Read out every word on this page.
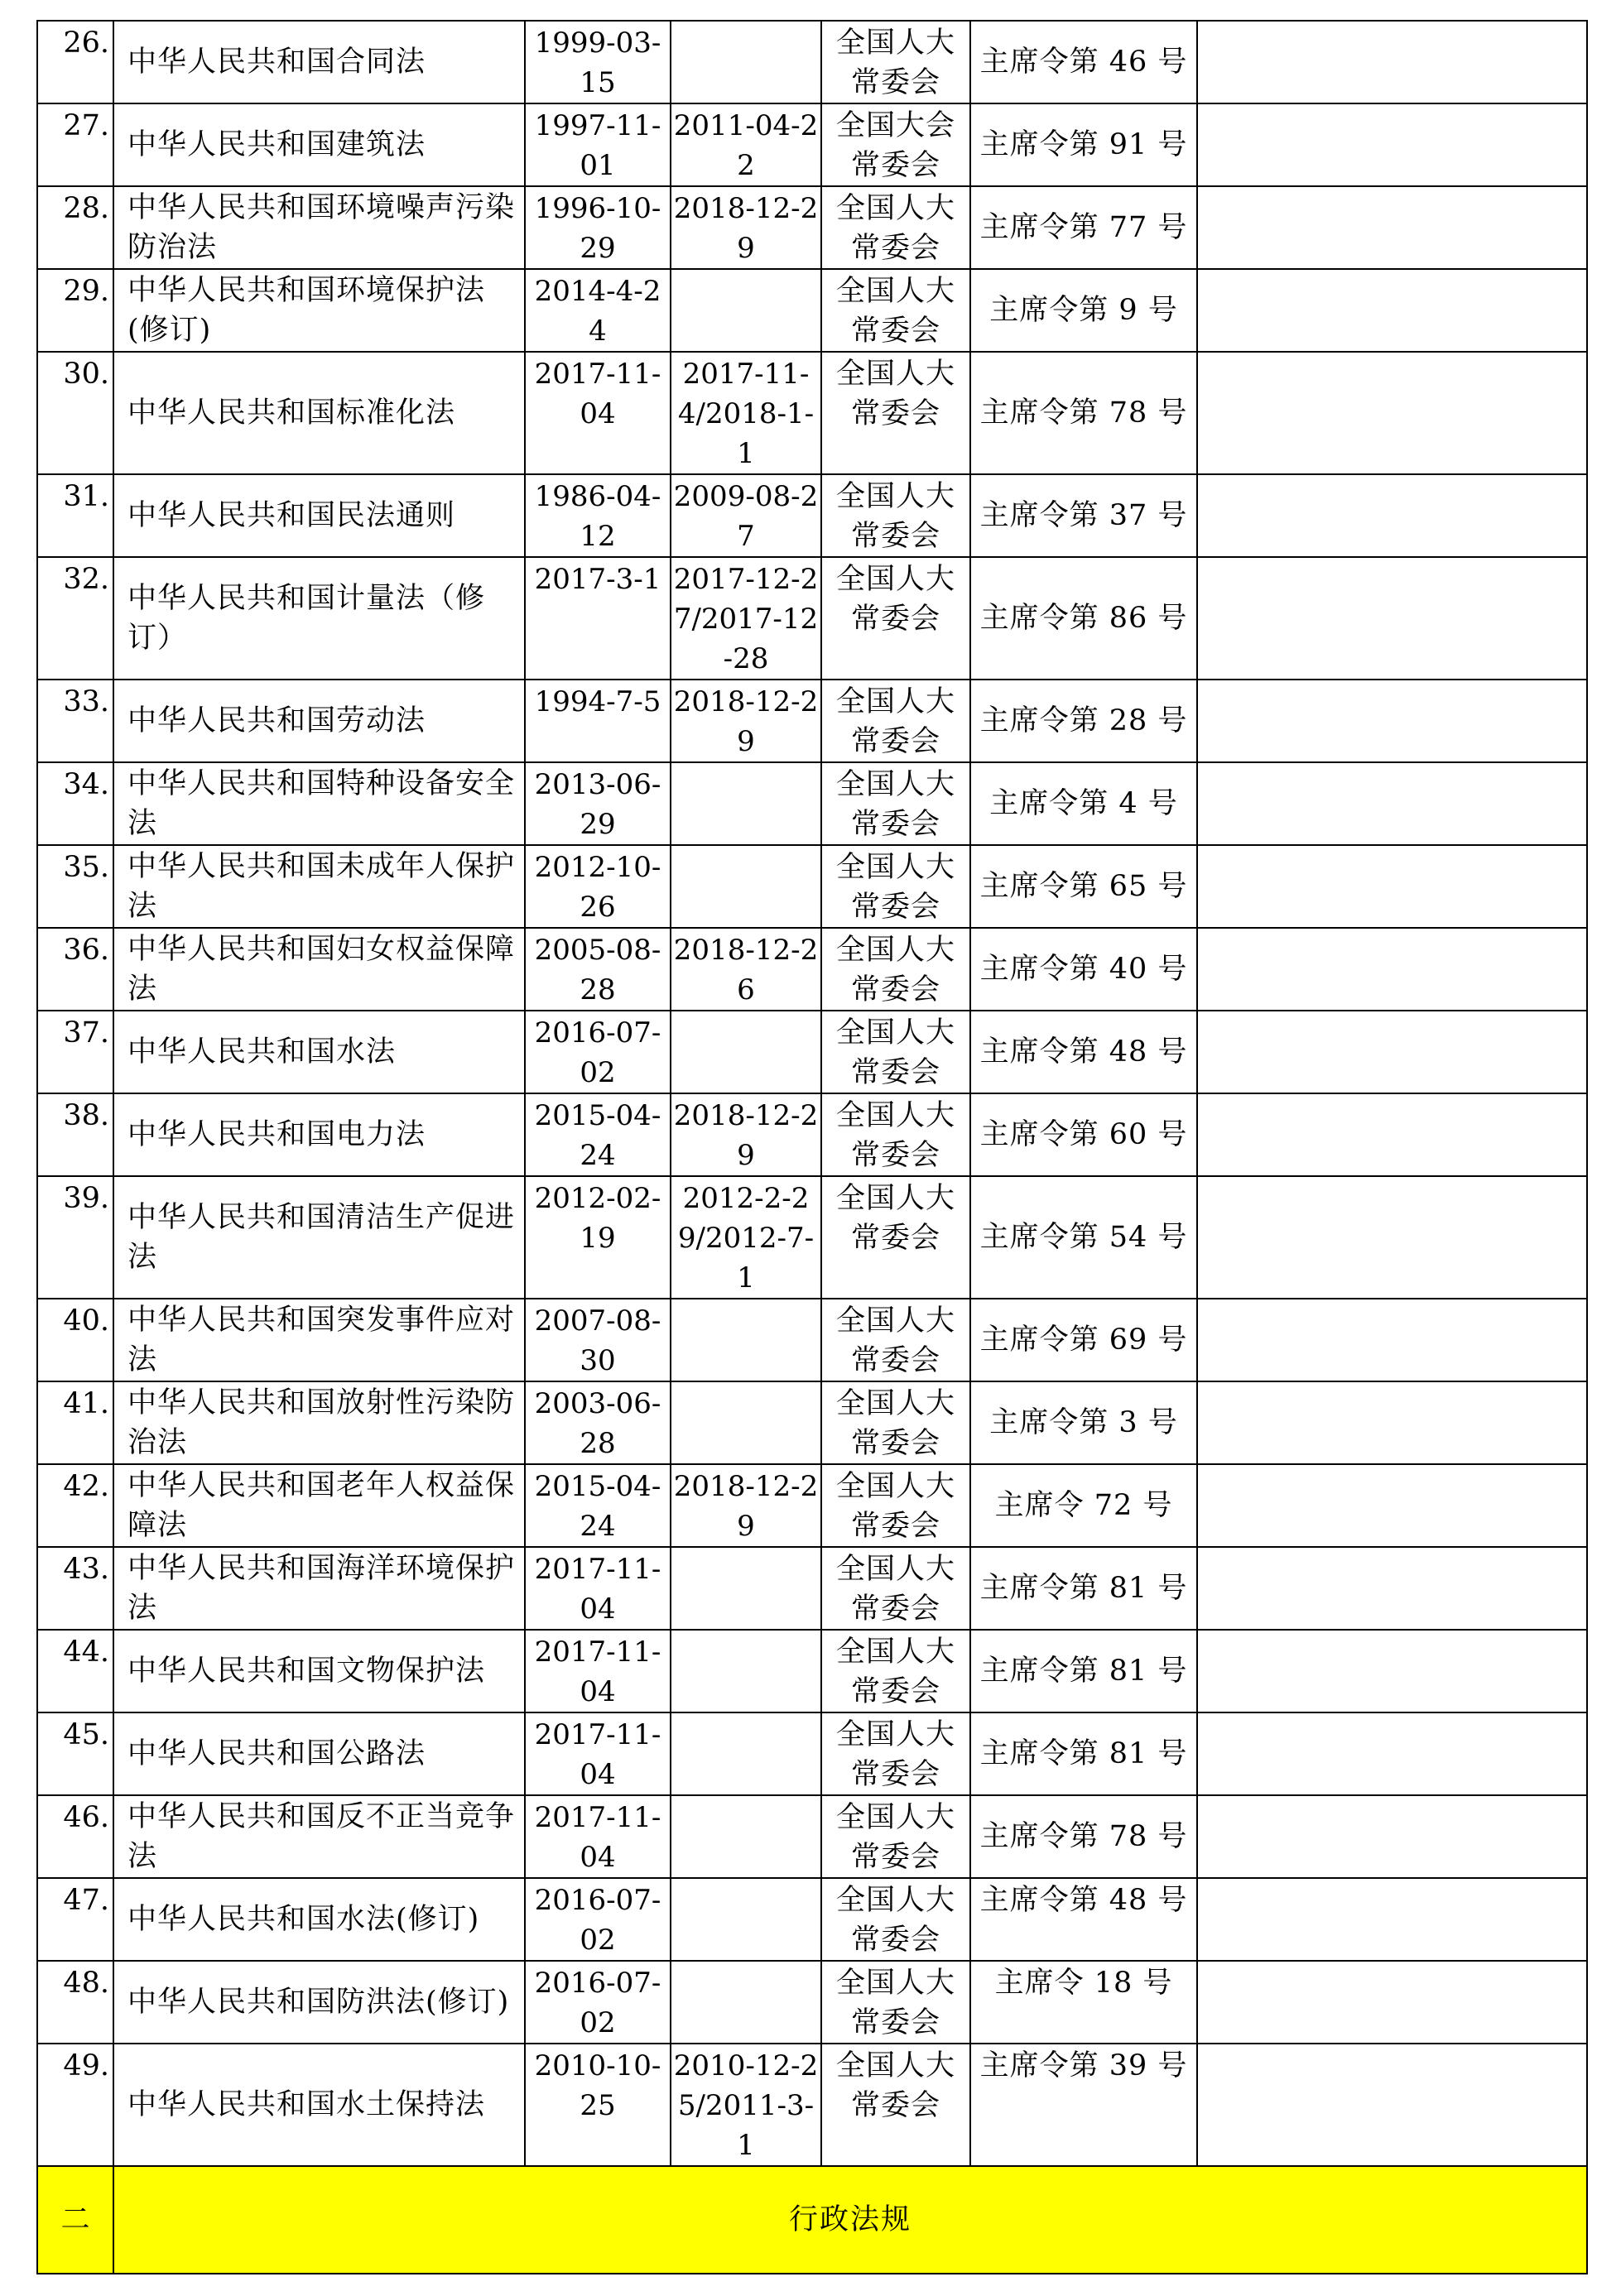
26.	中华人民共和国合同法	1999-03-15		全国人大常委会	主席令第 46 号	
27.	中华人民共和国建筑法	1997-11-01	2011-04-22	全国大会常委会	主席令第 91 号	
28.	中华人民共和国环境噪声污染防治法	1996-10-29	2018-12-29	全国人大常委会	主席令第 77 号	
29.	中华人民共和国环境保护法(修订)	2014-4-24		全国人大常委会	主席令第 9 号	
30.	中华人民共和国标准化法	2017-11-04	2017-11-4/2018-1-1	全国人大常委会	主席令第 78 号	
31.	中华人民共和国民法通则	1986-04-12	2009-08-27	全国人大常委会	主席令第 37 号	
32.	中华人民共和国计量法（修订）	2017-3-1	2017-12-27/2017-12-28	全国人大常委会	主席令第 86 号	
33.	中华人民共和国劳动法	1994-7-5	2018-12-29	全国人大常委会	主席令第 28 号	
34.	中华人民共和国特种设备安全法	2013-06-29		全国人大常委会	主席令第 4 号	
35.	中华人民共和国未成年人保护法	2012-10-26		全国人大常委会	主席令第 65 号	
36.	中华人民共和国妇女权益保障法	2005-08-28	2018-12-26	全国人大常委会	主席令第 40 号	
37.	中华人民共和国水法	2016-07-02		全国人大常委会	主席令第 48 号	
38.	中华人民共和国电力法	2015-04-24	2018-12-29	全国人大常委会	主席令第 60 号	
39.	中华人民共和国清洁生产促进法	2012-02-19	2012-2-29/2012-7-1	全国人大常委会	主席令第 54 号	
40.	中华人民共和国突发事件应对法	2007-08-30		全国人大常委会	主席令第 69 号	
41.	中华人民共和国放射性污染防治法	2003-06-28		全国人大常委会	主席令第 3 号	
42.	中华人民共和国老年人权益保障法	2015-04-24	2018-12-29	全国人大常委会	主席令 72 号	
43.	中华人民共和国海洋环境保护法	2017-11-04		全国人大常委会	主席令第 81 号	
44.	中华人民共和国文物保护法	2017-11-04		全国人大常委会	主席令第 81 号	
45.	中华人民共和国公路法	2017-11-04		全国人大常委会	主席令第 81 号	
46.	中华人民共和国反不正当竞争法	2017-11-04		全国人大常委会	主席令第 78 号	
47.	中华人民共和国水法(修订)	2016-07-02		全国人大常委会	主席令第 48 号	
48.	中华人民共和国防洪法(修订)	2016-07-02		全国人大常委会	主席令 18 号	
49.	中华人民共和国水土保持法	2010-10-25	2010-12-25/2011-3-1	全国人大常委会	主席令第 39 号	
二	行政法规					
